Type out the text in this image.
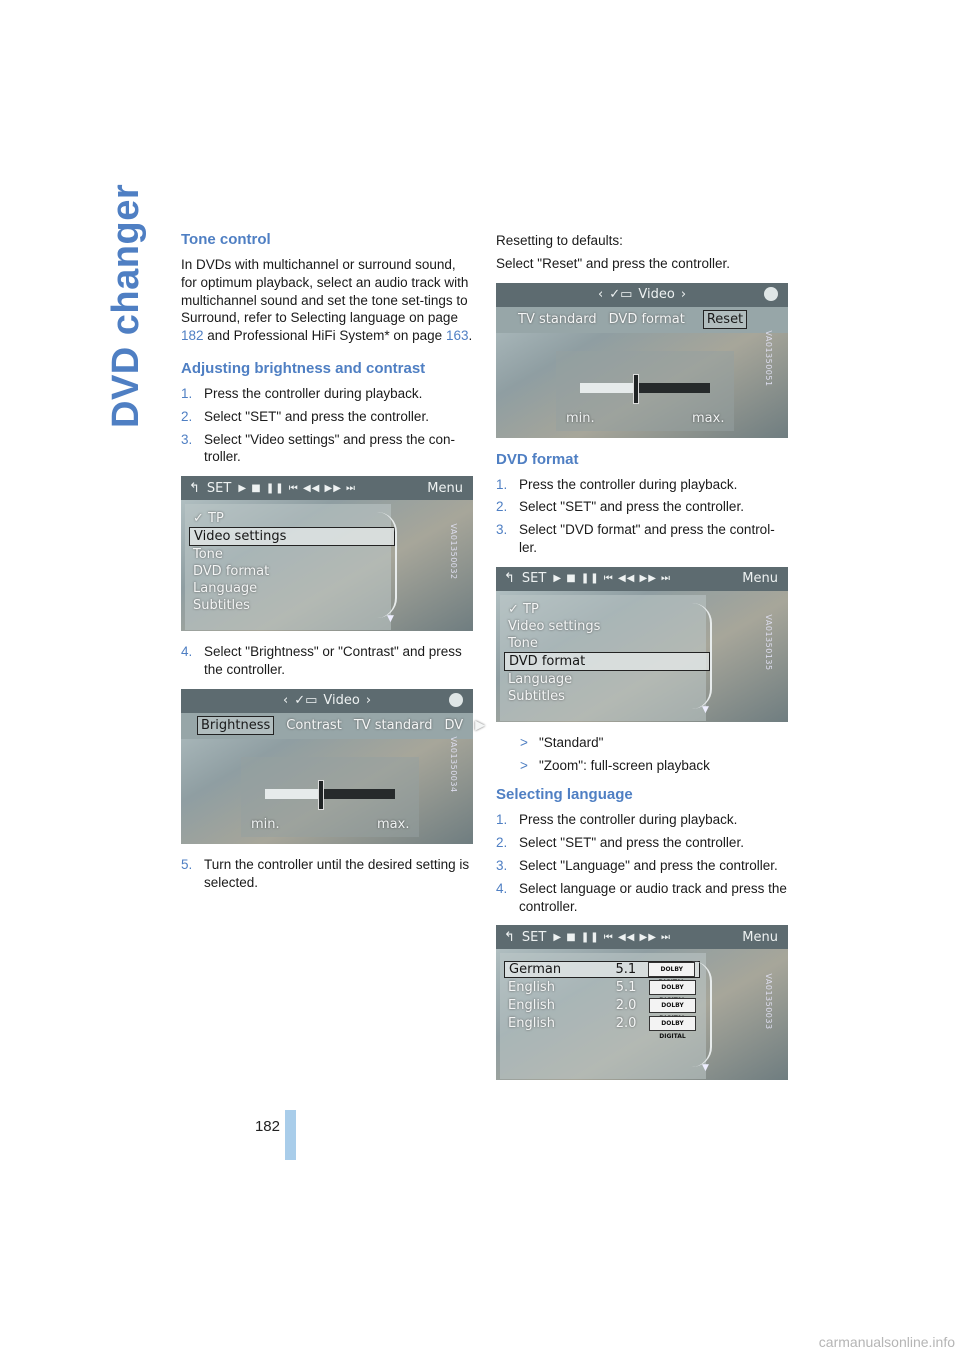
DVD changer	Tone control

In DVDs with multichannel or surround sound, for optimum playback, select an audio track with multichannel sound and set the tone set-tings to Surround, refer to Selecting language on page 182 and Professional HiFi System* on page 163.

Adjusting brightness and contrast
1. Press the controller during playback.
2. Select "SET" and press the controller.
3. Select "Video settings" and press the con-troller.
↰ SET ▶ ■ ❚❚ ⏮ ◀◀ ▶▶ ⏭	Menu
✓ TP
Video settings
Tone
DVD format
Language
Subtitles
▼
VA01350032
4. Select "Brightness" or "Contrast" and press the controller.
‹ ✓▭ Video ›
Brightness	Contrast TV standard DV ▶
min.	max.
VA01350034
5. Turn the controller until the desired setting is selected.

Resetting to defaults:

Select "Reset" and press the controller.

‹ ✓▭ Video ›
TV standard DVD format	Reset
min.	max.
VA01350051
DVD format
1. Press the controller during playback.
2. Select "SET" and press the controller.
3. Select "DVD format" and press the control-ler.
↰ SET ▶ ■ ❚❚ ⏮ ◀◀ ▶▶ ⏭	Menu
✓ TP
Video settings
Tone
DVD format
Language
Subtitles
▼
VA01350135
> "Standard"
> "Zoom": full-screen playback
Selecting language
1. Press the controller during playback.
2. Select "SET" and press the controller.
3. Select "Language" and press the controller.
4. Select language or audio track and press the controller.
↰ SET ▶ ■ ❚❚ ⏮ ◀◀ ▶▶ ⏭	Menu
German	5.1	DOLBY
English	5.1	DOLBY
English	2.0	DOLBY
English	2.0	DOLBY DIGITAL
▼
VA01350033
182
carmanualsonline.info
